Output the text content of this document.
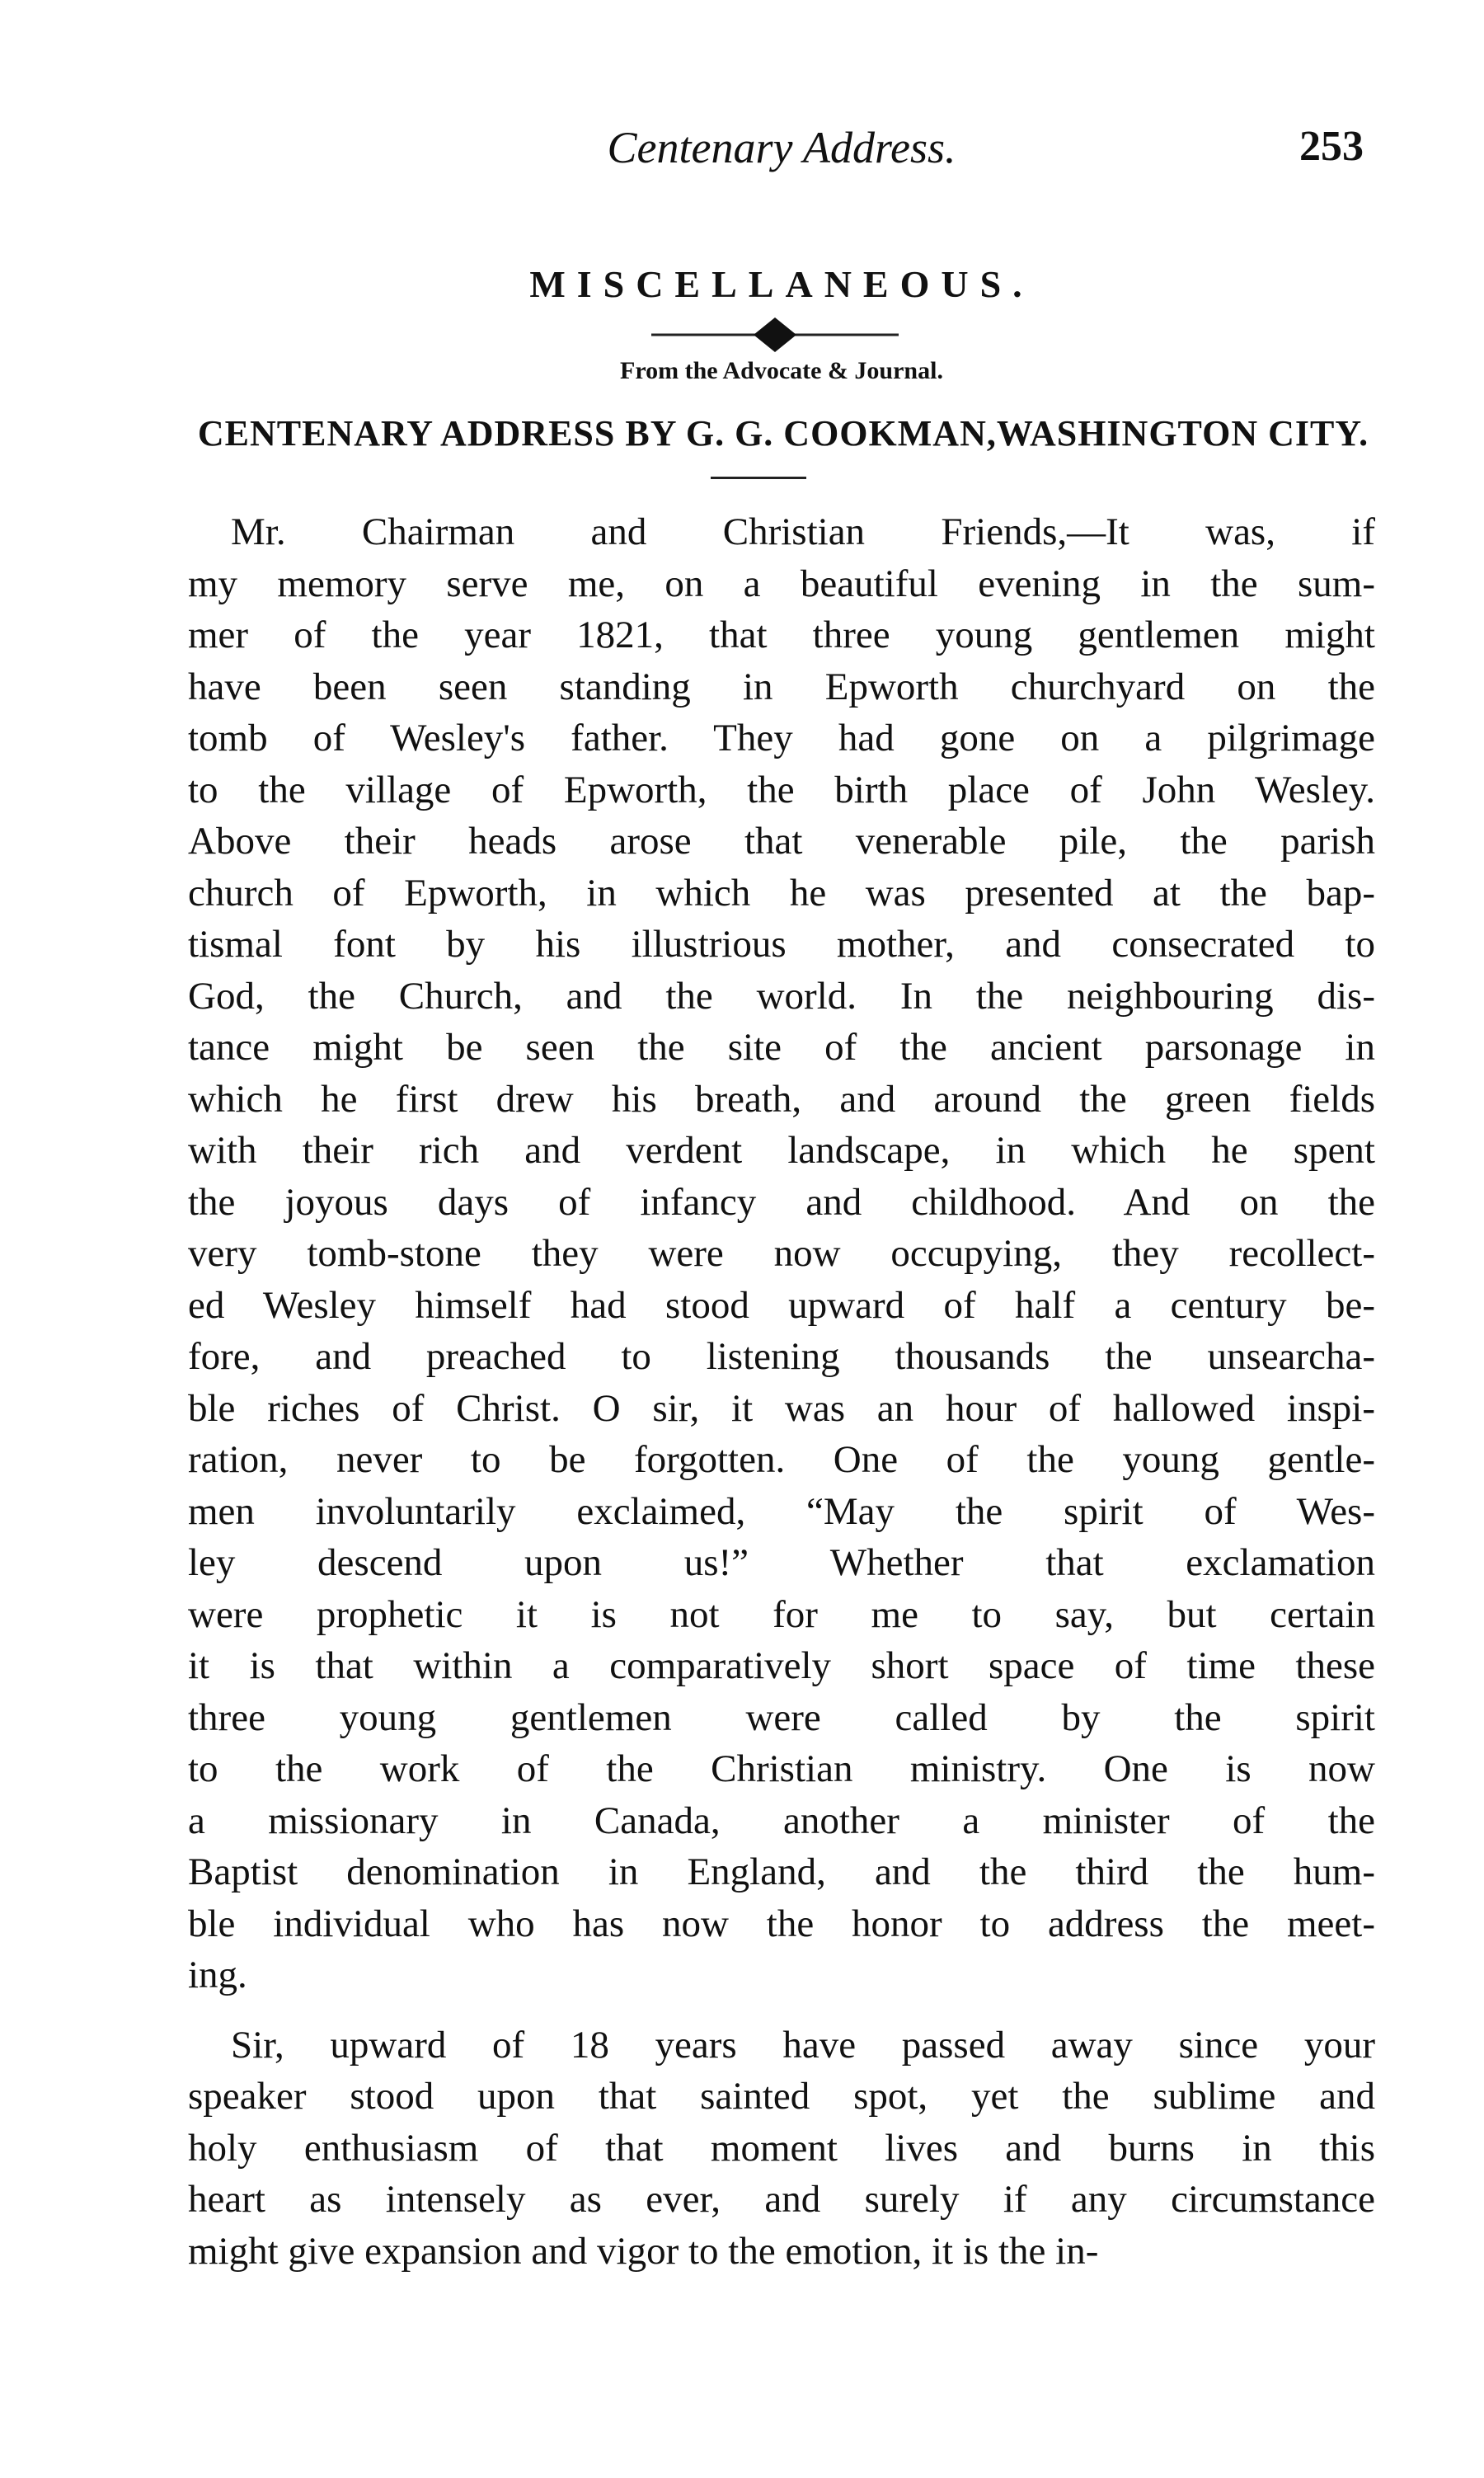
Centenary Address.	253
MISCELLANEOUS.
From the Advocate & Journal.
CENTENARY ADDRESS BY G. G. COOKMAN,WASHINGTON CITY.
Mr. Chairman and Christian Friends,—It was, if
my memory serve me, on a beautiful evening in the sum-
mer of the year 1821, that three young gentlemen might
have been seen standing in Epworth churchyard on the
tomb of Wesley's father. They had gone on a pilgrimage
to the village of Epworth, the birth place of John Wesley.
Above their heads arose that venerable pile, the parish
church of Epworth, in which he was presented at the bap-
tismal font by his illustrious mother, and consecrated to
God, the Church, and the world. In the neighbouring dis-
tance might be seen the site of the ancient parsonage in
which he first drew his breath, and around the green fields
with their rich and verdent landscape, in which he spent
the joyous days of infancy and childhood. And on the
very tomb-stone they were now occupying, they recollect-
ed Wesley himself had stood upward of half a century be-
fore, and preached to listening thousands the unsearcha-
ble riches of Christ. O sir, it was an hour of hallowed inspi-
ration, never to be forgotten. One of the young gentle-
men involuntarily exclaimed, “May the spirit of Wes-
ley descend upon us!” Whether that exclamation
were prophetic it is not for me to say, but certain
it is that within a comparatively short space of time these
three young gentlemen were called by the spirit
to the work of the Christian ministry. One is now
a missionary in Canada, another a minister of the
Baptist denomination in England, and the third the hum-
ble individual who has now the honor to address the meet-
ing.
Sir, upward of 18 years have passed away since your
speaker stood upon that sainted spot, yet the sublime and
holy enthusiasm of that moment lives and burns in this
heart as intensely as ever, and surely if any circumstance
might give expansion and vigor to the emotion, it is the in-
